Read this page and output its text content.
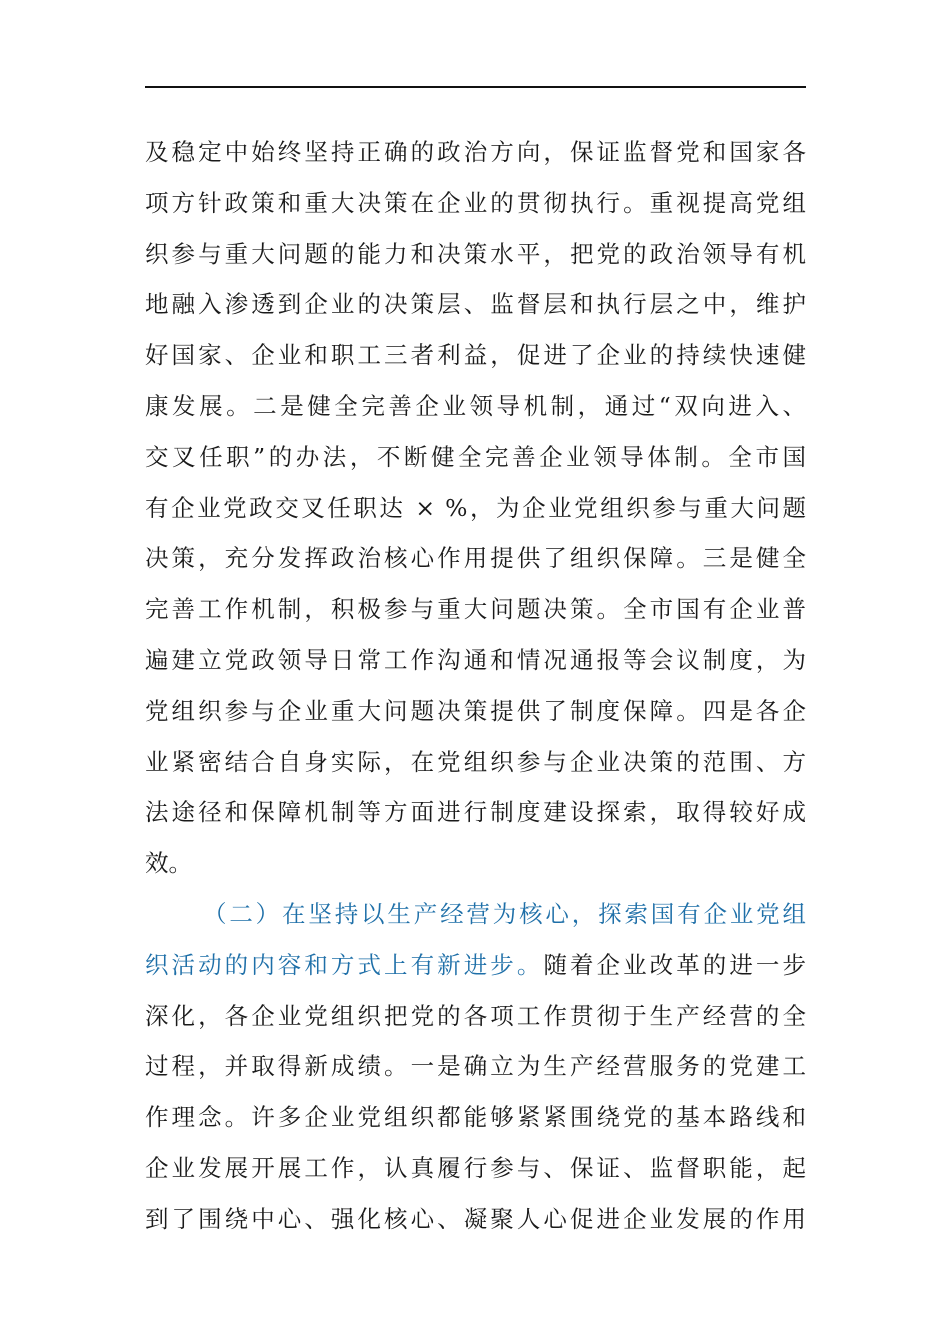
及稳定中始终坚持正确的政治方向，保证监督党和国家各
项方针政策和重大决策在企业的贯彻执行。重视提高党组
织参与重大问题的能力和决策水平，把党的政治领导有机
地融入渗透到企业的决策层、监督层和执行层之中，维护
好国家、企业和职工三者利益，促进了企业的持续快速健
康发展。二是健全完善企业领导机制，通过“双向进入、
交叉任职”的办法，不断健全完善企业领导体制。全市国
有企业党政交叉任职达 × %，为企业党组织参与重大问题
决策，充分发挥政治核心作用提供了组织保障。三是健全
完善工作机制，积极参与重大问题决策。全市国有企业普
遍建立党政领导日常工作沟通和情况通报等会议制度，为
党组织参与企业重大问题决策提供了制度保障。四是各企
业紧密结合自身实际，在党组织参与企业决策的范围、方
法途径和保障机制等方面进行制度建设探索，取得较好成
效。
（二）在坚持以生产经营为核心，探索国有企业党组
织活动的内容和方式上有新进步。随着企业改革的进一步
深化，各企业党组织把党的各项工作贯彻于生产经营的全
过程，并取得新成绩。一是确立为生产经营服务的党建工
作理念。许多企业党组织都能够紧紧围绕党的基本路线和
企业发展开展工作，认真履行参与、保证、监督职能，起
到了围绕中心、强化核心、凝聚人心促进企业发展的作用
